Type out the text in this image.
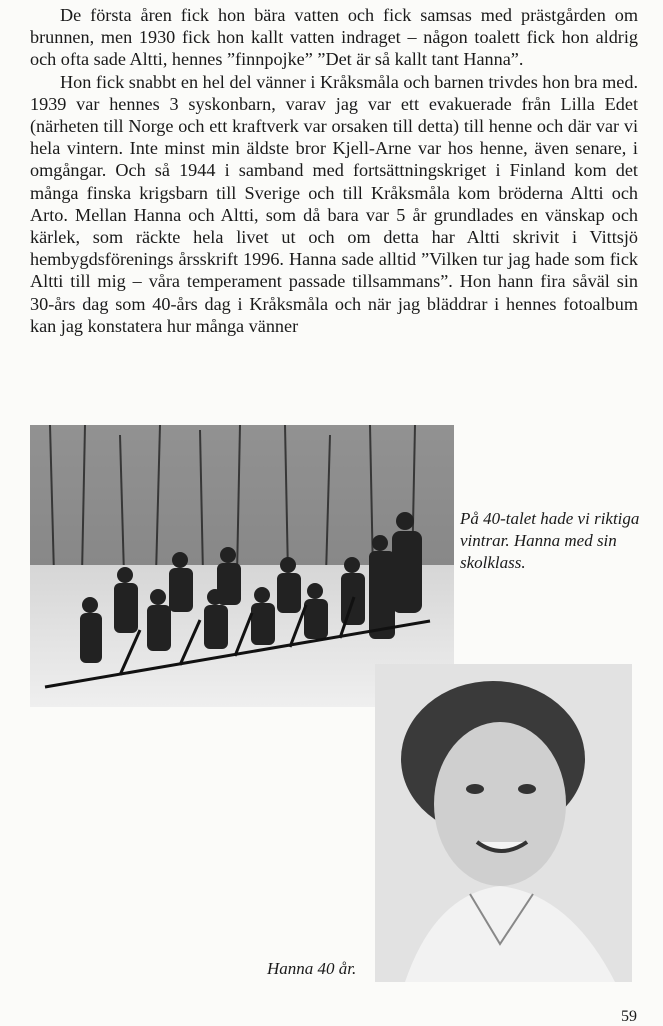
De första åren fick hon bära vatten och fick samsas med prästgården om brunnen, men 1930 fick hon kallt vatten indraget – någon toalett fick hon aldrig och ofta sade Altti, hennes ”finnpojke” ”Det är så kallt tant Hanna”.

Hon fick snabbt en hel del vänner i Kråksmåla och barnen trivdes hon bra med. 1939 var hennes 3 syskonbarn, varav jag var ett evakuerade från Lilla Edet (närheten till Norge och ett kraftverk var orsaken till detta) till henne och där var vi hela vintern. Inte minst min äldste bror Kjell-Arne var hos henne, även senare, i omgångar. Och så 1944 i samband med fortsättningskriget i Finland kom det många finska krigsbarn till Sverige och till Kråksmåla kom bröderna Altti och Arto. Mellan Hanna och Altti, som då bara var 5 år grundlades en vänskap och kärlek, som räckte hela livet ut och om detta har Altti skrivit i Vittsjö hembygdsförenings årsskrift 1996. Hanna sade alltid ”Vilken tur jag hade som fick Altti till mig – våra temperament passade tillsammans”. Hon hann fira såväl sin 30-års dag som 40-års dag i Kråksmåla och när jag bläddrar i hennes fotoalbum kan jag konstatera hur många vänner

På 40-talet hade vi riktiga vintrar. Hanna med sin skolklass.
Hanna 40 år.
59
